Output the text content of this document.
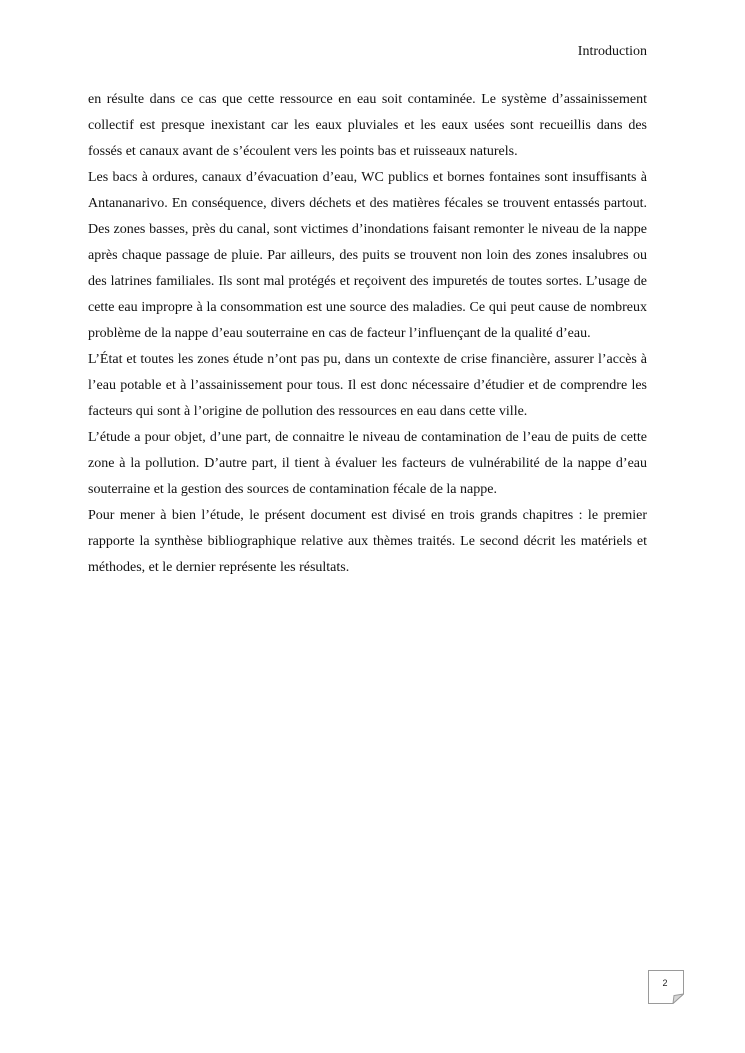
Introduction

en résulte dans ce cas que cette ressource en eau soit contaminée. Le système d’assainissement collectif est presque inexistant car les eaux pluviales et les eaux usées sont recueillis dans des fossés et canaux avant de s’écoulent vers les points bas et ruisseaux naturels.

Les bacs à ordures, canaux d’évacuation d’eau, WC publics et bornes fontaines sont insuffisants à Antananarivo. En conséquence, divers déchets et des matières fécales se trouvent entassés partout. Des zones basses, près du canal, sont victimes d’inondations faisant remonter le niveau de la nappe après chaque passage de pluie. Par ailleurs, des puits se trouvent non loin des zones insalubres ou des latrines familiales. Ils sont mal protégés et reçoivent des impuretés de toutes sortes. L’usage de cette eau impropre à la consommation est une source des maladies. Ce qui peut cause de nombreux problème de la nappe d’eau souterraine en cas de facteur l’influençant de la qualité d’eau.

L’État et toutes les zones étude n’ont pas pu, dans un contexte de crise financière, assurer l’accès à l’eau potable et à l’assainissement pour tous. Il est donc nécessaire d’étudier et de comprendre les facteurs qui sont à l’origine de pollution des ressources en eau dans cette ville.

L’étude a pour objet, d’une part, de connaitre le niveau de contamination de l’eau de puits de cette zone à la pollution. D’autre part, il tient à évaluer les facteurs de vulnérabilité de la nappe d’eau souterraine et la gestion des sources de contamination fécale de la nappe.

Pour mener à bien l’étude, le présent document est divisé en trois grands chapitres : le premier rapporte la synthèse bibliographique relative aux thèmes traités. Le second décrit les matériels et méthodes, et le dernier représente les résultats.

2
